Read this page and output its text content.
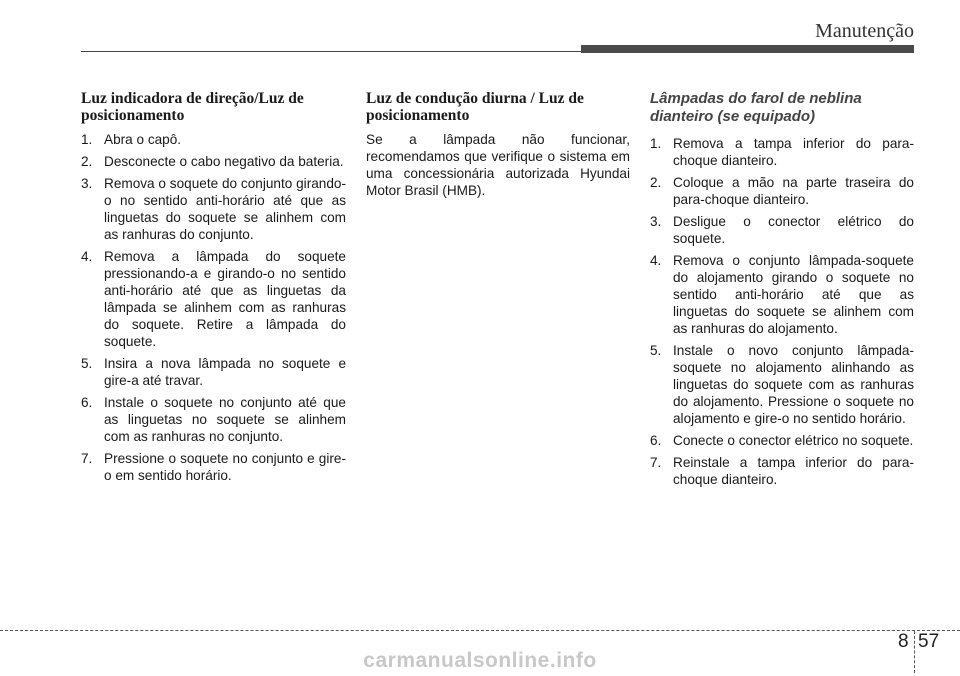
Manutenção
Luz indicadora de direção/Luz de posicionamento
1. Abra o capô.
2. Desconecte o cabo negativo da bateria.
3. Remova o soquete do conjunto girando-o no sentido anti-horário até que as linguetas do soquete se alinhem com as ranhuras do conjunto.
4. Remova a lâmpada do soquete pressionando-a e girando-o no sentido anti-horário até que as linguetas da lâmpada se alinhem com as ranhuras do soquete. Retire a lâmpada do soquete.
5. Insira a nova lâmpada no soquete e gire-a até travar.
6. Instale o soquete no conjunto até que as linguetas no soquete se alinhem com as ranhuras no conjunto.
7. Pressione o soquete no conjunto e gire-o em sentido horário.
Luz de condução diurna / Luz de posicionamento

Se a lâmpada não funcionar, recomendamos que verifique o sistema em uma concessionária autorizada Hyundai Motor Brasil (HMB).

Lâmpadas do farol de neblina dianteiro (se equipado)
1. Remova a tampa inferior do para-choque dianteiro.
2. Coloque a mão na parte traseira do para-choque dianteiro.
3. Desligue o conector elétrico do soquete.
4. Remova o conjunto lâmpada-soquete do alojamento girando o soquete no sentido anti-horário até que as linguetas do soquete se alinhem com as ranhuras do alojamento.
5. Instale o novo conjunto lâmpada-soquete no alojamento alinhando as linguetas do soquete com as ranhuras do alojamento. Pressione o soquete no alojamento e gire-o no sentido horário.
6. Conecte o conector elétrico no soquete.
7. Reinstale a tampa inferior do para-choque dianteiro.
8 57
carmanualsonline.info
